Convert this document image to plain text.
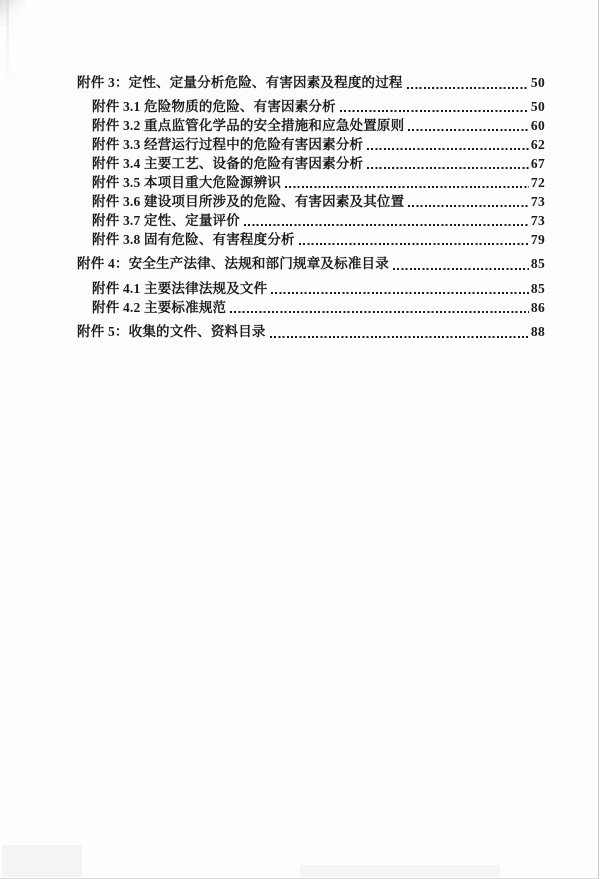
附件 3：定性、定量分析危险、有害因素及程度的过程	50
附件 3.1 危险物质的危险、有害因素分析	50
附件 3.2 重点监管化学品的安全措施和应急处置原则	60
附件 3.3 经营运行过程中的危险有害因素分析	62
附件 3.4 主要工艺、设备的危险有害因素分析	67
附件 3.5 本项目重大危险源辨识	72
附件 3.6 建设项目所涉及的危险、有害因素及其位置	73
附件 3.7 定性、定量评价	73
附件 3.8 固有危险、有害程度分析	79
附件 4：安全生产法律、法规和部门规章及标准目录	85
附件 4.1 主要法律法规及文件	85
附件 4.2 主要标准规范	86
附件 5：收集的文件、资料目录	88
